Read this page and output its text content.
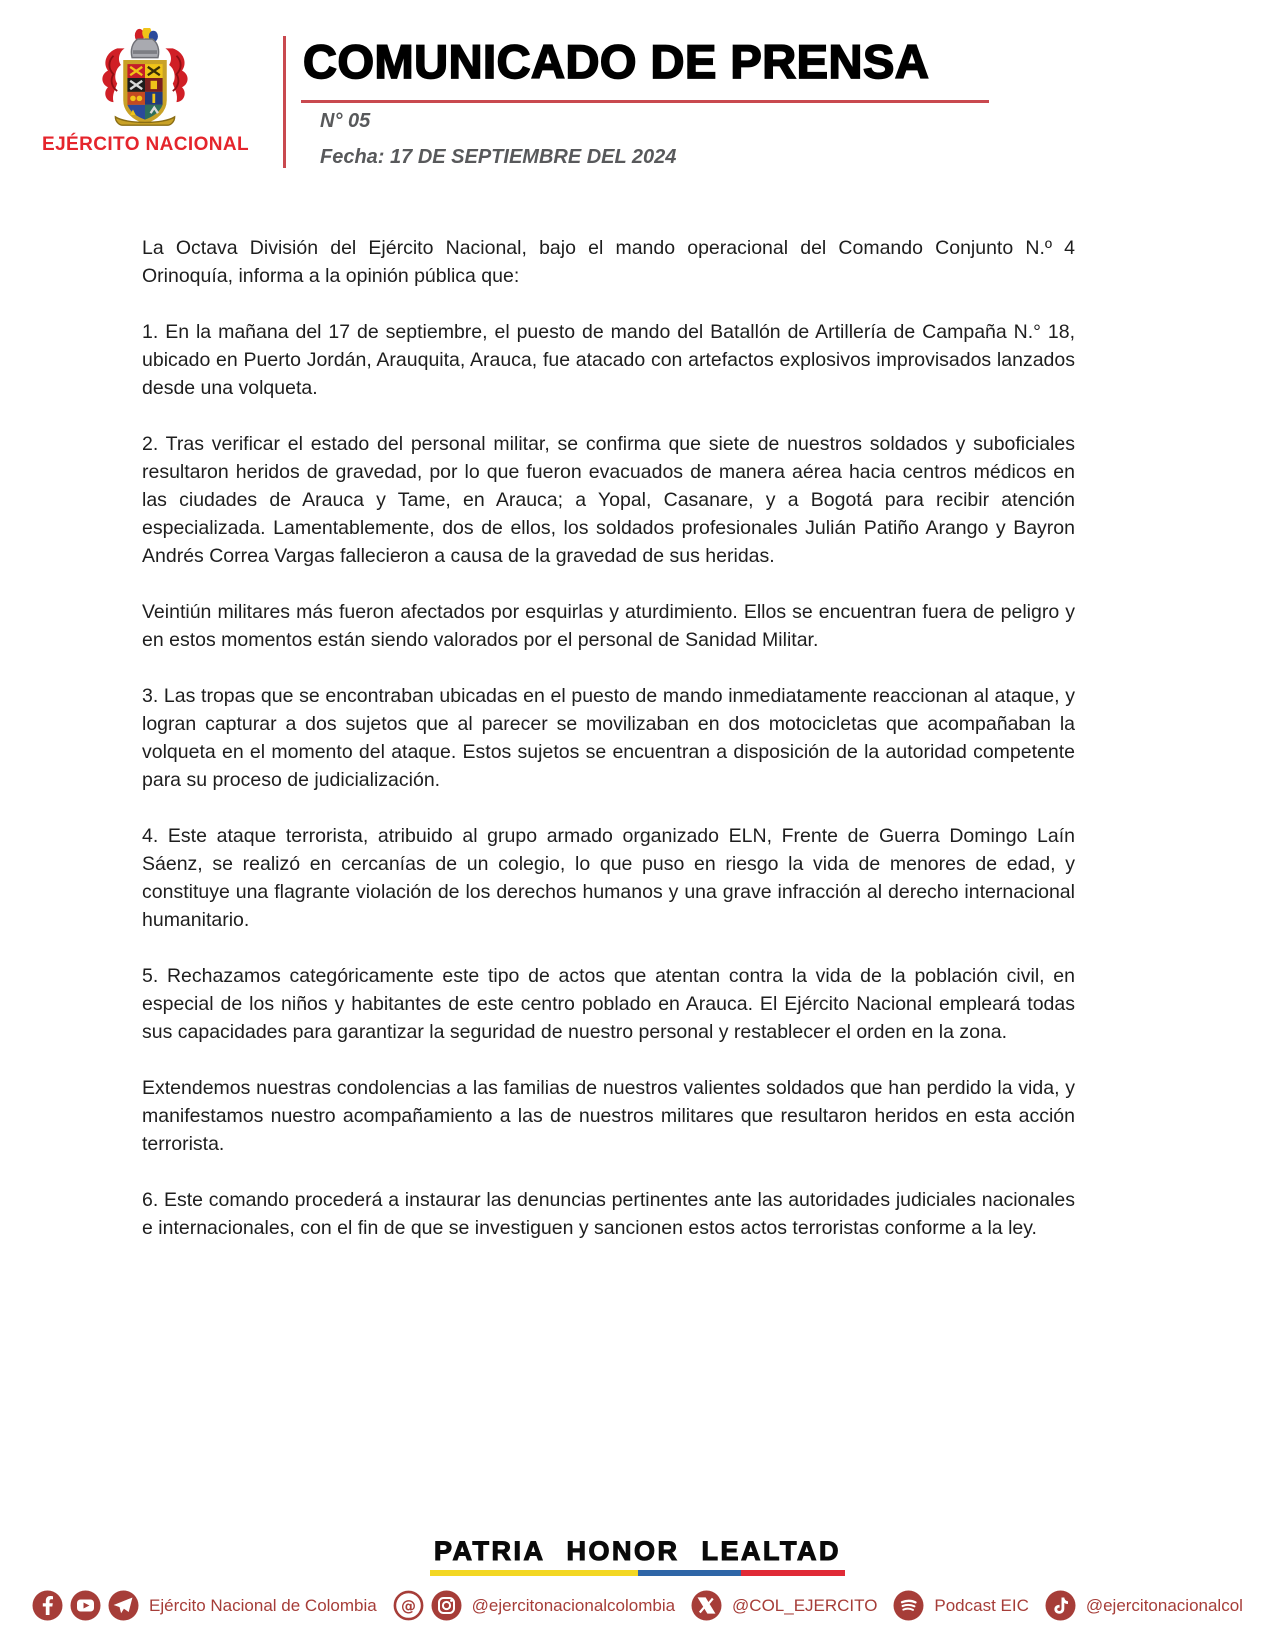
EJÉRCITO NACIONAL
COMUNICADO DE PRENSA
N° 05
Fecha: 17 DE SEPTIEMBRE DEL 2024

La Octava División del Ejército Nacional, bajo el mando operacional del Comando Conjunto N.º 4 Orinoquía, informa a la opinión pública que:

1. En la mañana del 17 de septiembre, el puesto de mando del Batallón de Artillería de Campaña N.° 18, ubicado en Puerto Jordán, Arauquita, Arauca, fue atacado con artefactos explosivos improvisados lanzados desde una volqueta.

2. Tras verificar el estado del personal militar, se confirma que siete de nuestros soldados y suboficiales resultaron heridos de gravedad, por lo que fueron evacuados de manera aérea hacia centros médicos en las ciudades de Arauca y Tame, en Arauca; a Yopal, Casanare, y a Bogotá para recibir atención especializada. Lamentablemente, dos de ellos, los soldados profesionales Julián Patiño Arango y Bayron Andrés Correa Vargas fallecieron a causa de la gravedad de sus heridas.

Veintiún militares más fueron afectados por esquirlas y aturdimiento. Ellos se encuentran fuera de peligro y en estos momentos están siendo valorados por el personal de Sanidad Militar.

3. Las tropas que se encontraban ubicadas en el puesto de mando inmediatamente reaccionan al ataque, y logran capturar a dos sujetos que al parecer se movilizaban en dos motocicletas que acompañaban la volqueta en el momento del ataque. Estos sujetos se encuentran a disposición de la autoridad competente para su proceso de judicialización.

4. Este ataque terrorista, atribuido al grupo armado organizado ELN, Frente de Guerra Domingo Laín Sáenz, se realizó en cercanías de un colegio, lo que puso en riesgo la vida de menores de edad, y constituye una flagrante violación de los derechos humanos y una grave infracción al derecho internacional humanitario.

5. Rechazamos categóricamente este tipo de actos que atentan contra la vida de la población civil, en especial de los niños y habitantes de este centro poblado en Arauca. El Ejército Nacional empleará todas sus capacidades para garantizar la seguridad de nuestro personal y restablecer el orden en la zona.

Extendemos nuestras condolencias a las familias de nuestros valientes soldados que han perdido la vida, y manifestamos nuestro acompañamiento a las de nuestros militares que resultaron heridos en esta acción terrorista.

6. Este comando procederá a instaurar las denuncias pertinentes ante las autoridades judiciales nacionales e internacionales, con el fin de que se investiguen y sancionen estos actos terroristas conforme a la ley.

PATRIA HONOR LEALTAD
Ejército Nacional de Colombia @	@ejercitonacionalcolombia	@COL_EJERCITO	Podcast EIC	@ejercitonacionalcol
